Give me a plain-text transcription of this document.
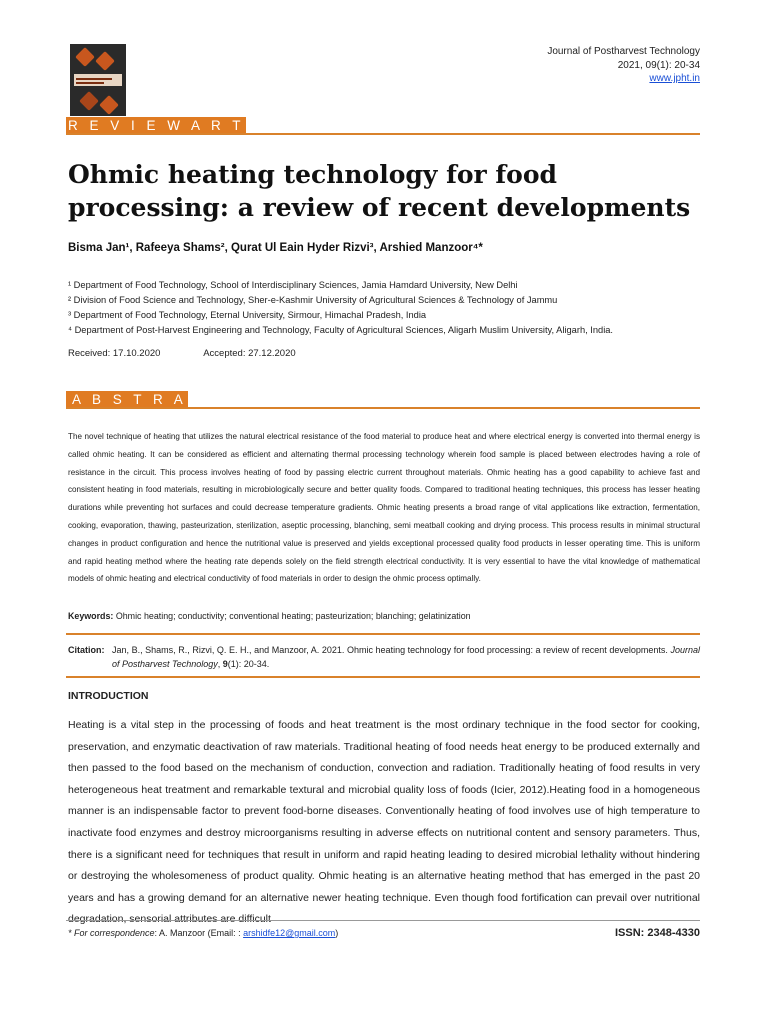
Journal of Postharvest Technology
2021, 09(1): 20-34
www.jpht.in
R E V I E W A R T I C L E
Ohmic heating technology for food processing: a review of recent developments
Bisma Jan¹, Rafeeya Shams², Qurat Ul Eain Hyder Rizvi³, Arshied Manzoor⁴*
¹ Department of Food Technology, School of Interdisciplinary Sciences, Jamia Hamdard University, New Delhi
² Division of Food Science and Technology, Sher-e-Kashmir University of Agricultural Sciences & Technology of Jammu
³ Department of Food Technology, Eternal University, Sirmour, Himachal Pradesh, India
⁴ Department of Post-Harvest Engineering and Technology, Faculty of Agricultural Sciences, Aligarh Muslim University, Aligarh, India.
Received: 17.10.2020	Accepted: 27.12.2020
A B S T R A C T
The novel technique of heating that utilizes the natural electrical resistance of the food material to produce heat and where electrical energy is converted into thermal energy is called ohmic heating. It can be considered as efficient and alternating thermal processing technology wherein food sample is placed between electrodes having a role of resistance in the circuit. This process involves heating of food by passing electric current throughout materials. Ohmic heating has a good capability to achieve fast and consistent heating in food materials, resulting in microbiologically secure and better quality foods. Compared to traditional heating techniques, this process has lesser heating durations while preventing hot surfaces and could decrease temperature gradients. Ohmic heating presents a broad range of vital applications like extraction, fermentation, cooking, evaporation, thawing, pasteurization, sterilization, aseptic processing, blanching, semi meatball cooking and drying process. This process results in minimal structural changes in product configuration and hence the nutritional value is preserved and yields exceptional processed quality food products in lesser operating time. This is uniform and rapid heating method where the heating rate depends solely on the field strength electrical conductivity. It is very essential to have the vital knowledge of mathematical models of ohmic heating and electrical conductivity of food materials in order to design the ohmic process optimally.
Keywords: Ohmic heating; conductivity; conventional heating; pasteurization; blanching; gelatinization
Citation: Jan, B., Shams, R., Rizvi, Q. E. H., and Manzoor, A. 2021. Ohmic heating technology for food processing: a review of recent developments. Journal of Postharvest Technology, 9(1): 20-34.
INTRODUCTION
Heating is a vital step in the processing of foods and heat treatment is the most ordinary technique in the food sector for cooking, preservation, and enzymatic deactivation of raw materials. Traditional heating of food needs heat energy to be produced externally and then passed to the food based on the mechanism of conduction, convection and radiation. Traditionally heating of food results in very heterogeneous heat treatment and remarkable textural and microbial quality loss of foods (Icier, 2012).Heating food in a homogeneous manner is an indispensable factor to prevent food-borne diseases. Conventionally heating of food involves use of high temperature to inactivate food enzymes and destroy microorganisms resulting in adverse effects on nutritional content and sensory parameters. Thus, there is a significant need for techniques that result in uniform and rapid heating leading to desired microbial lethality without hindering or destroying the wholesomeness of product quality. Ohmic heating is an alternative heating method that has emerged in the past 20 years and has a growing demand for an alternative newer heating technique. Even though food fortification can prevail over nutritional
* For correspondence: A. Manzoor (Email: : arshidfe12@gmail.com)	ISSN: 2348-4330
